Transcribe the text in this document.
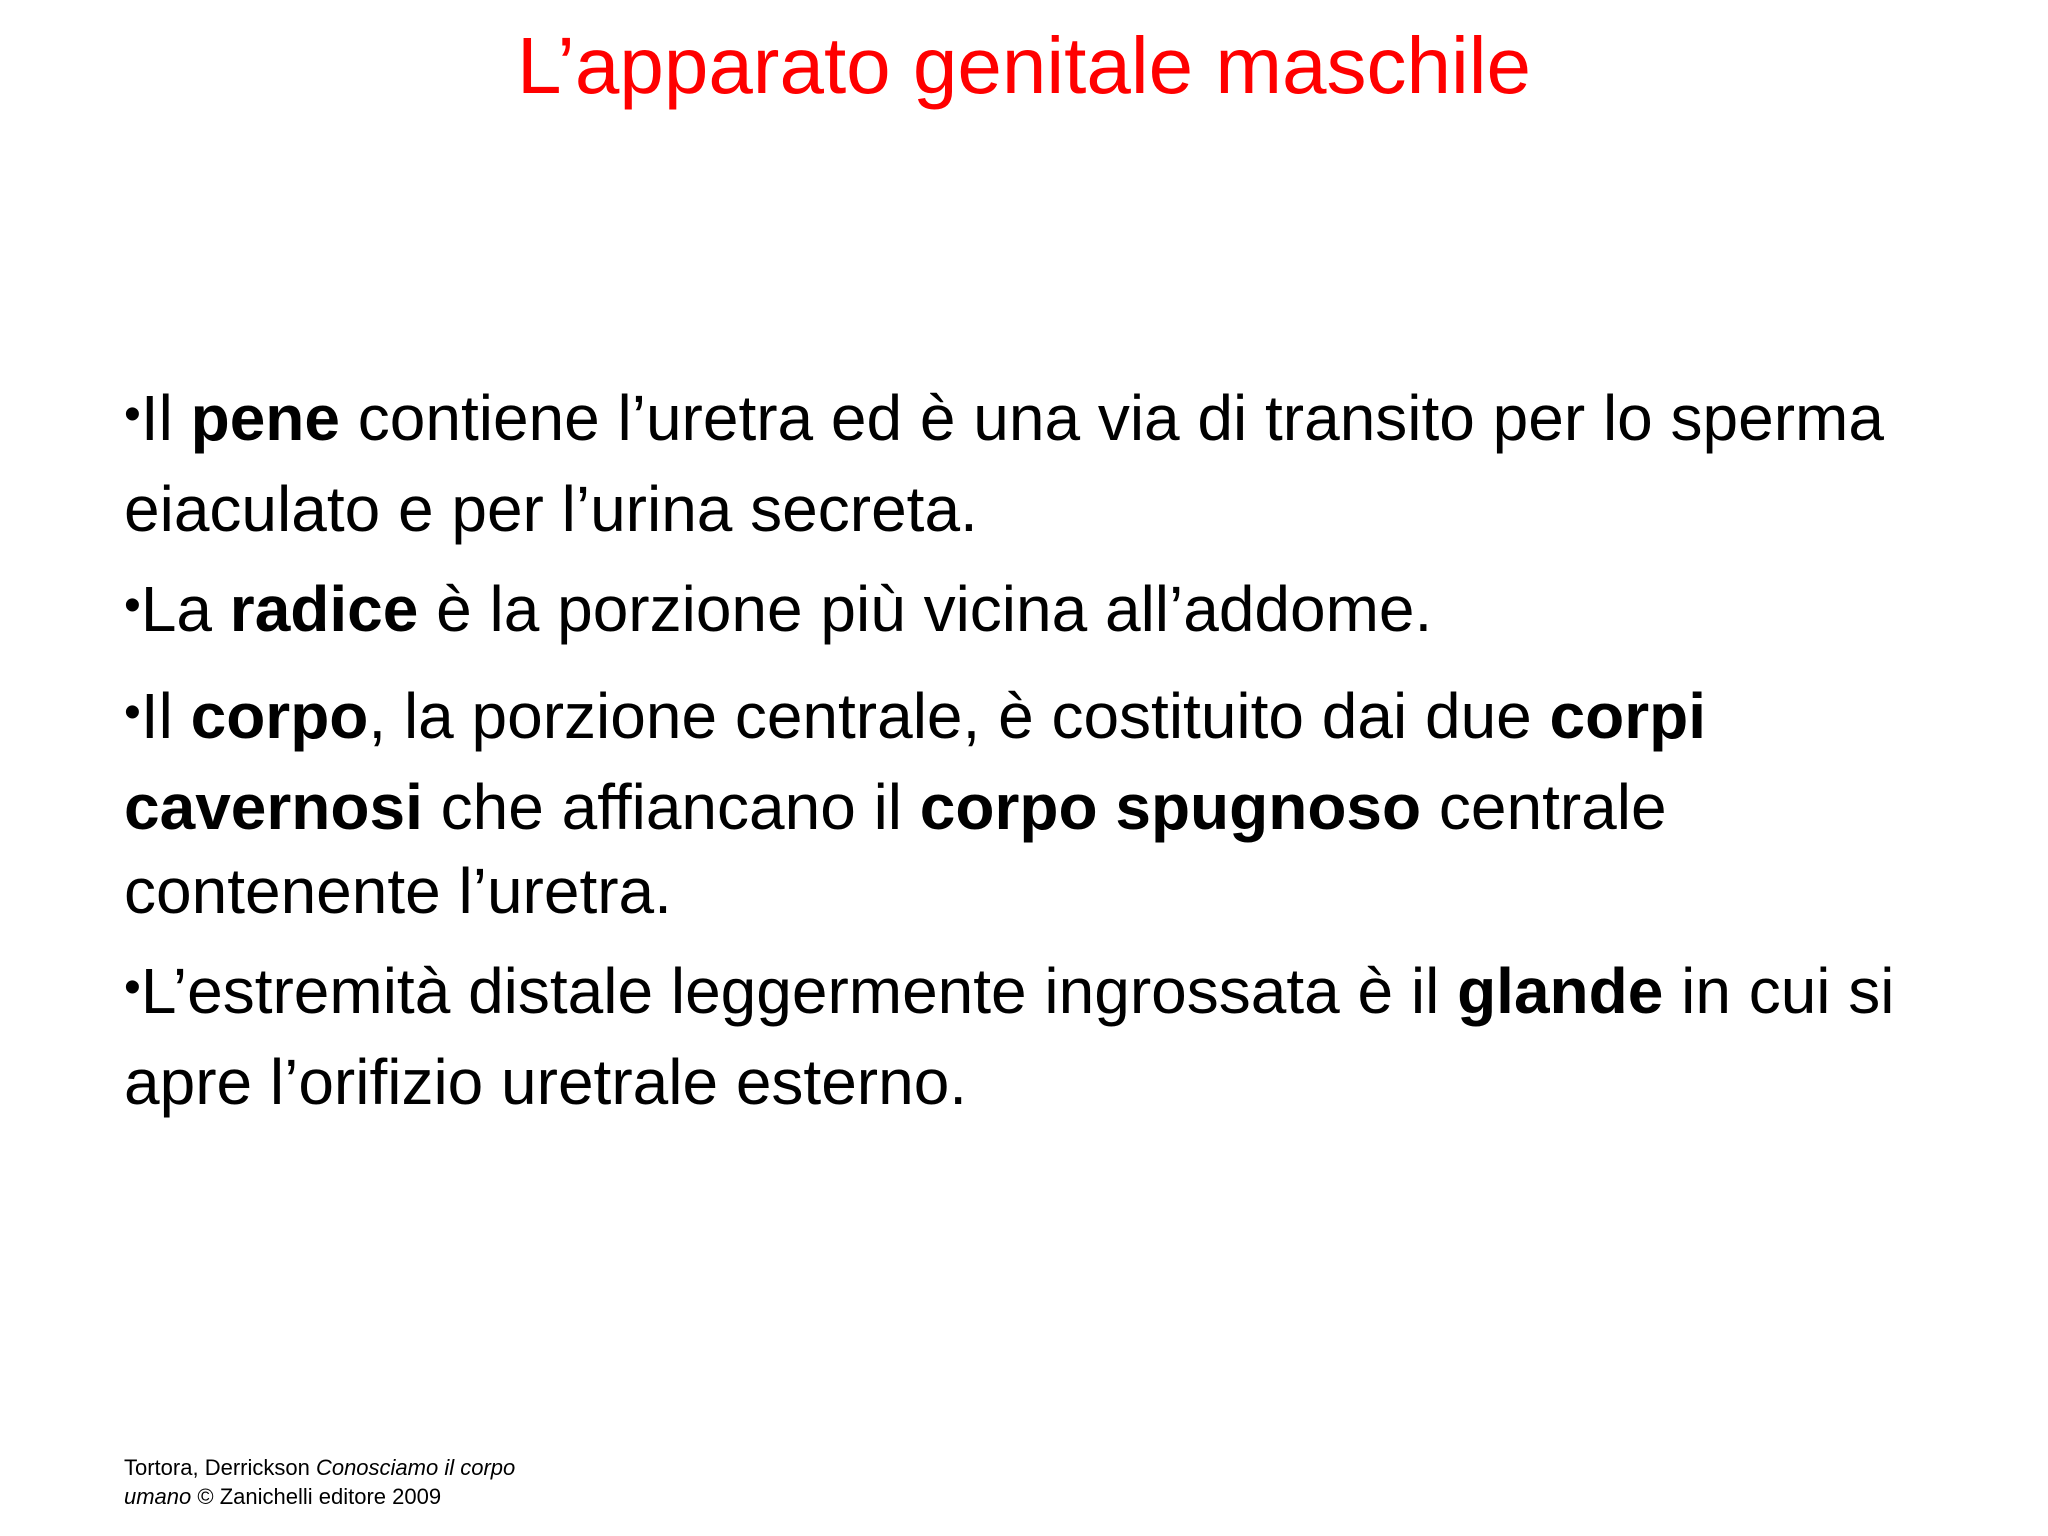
L’apparato genitale maschile
•Il pene contiene l’uretra ed è una via di transito per lo sperma eiaculato e per l’urina secreta.
•La radice è la porzione più vicina all’addome.
•Il corpo, la porzione centrale, è costituito dai due corpi cavernosi che affiancano il corpo spugnoso centrale contenente l’uretra.
•L’estremità distale leggermente ingrossata è il glande in cui si apre l’orifizio uretrale esterno.
Tortora, Derrickson Conosciamo il corpo umano © Zanichelli editore 2009
